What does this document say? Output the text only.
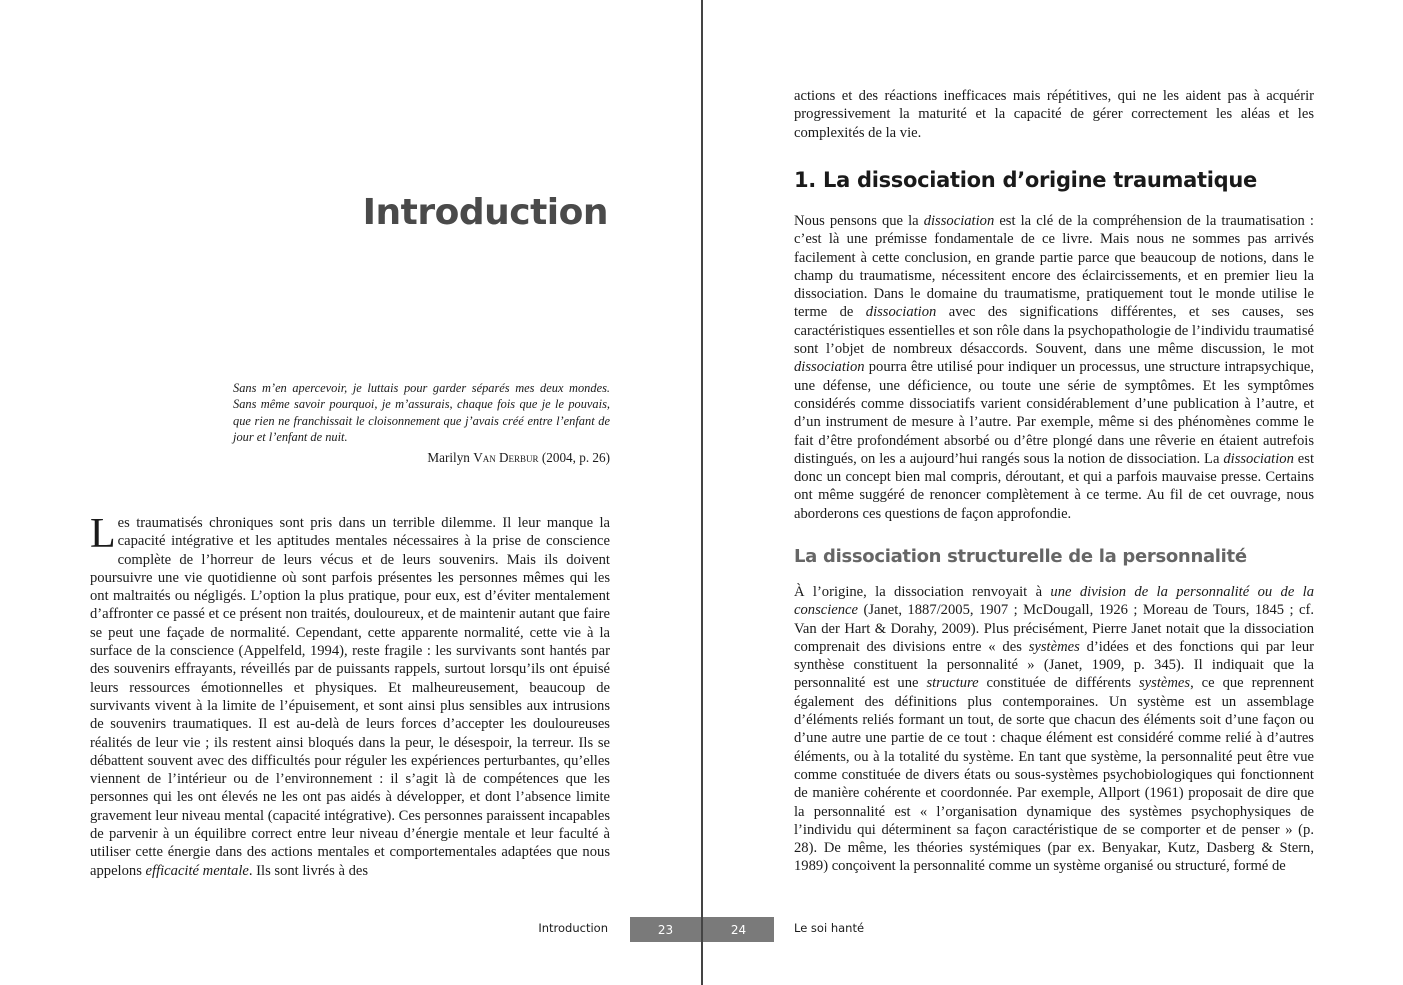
Introduction

Sans m’en apercevoir, je luttais pour garder séparés mes deux mondes. Sans même savoir pourquoi, je m’assurais, chaque fois que je le pouvais, que rien ne franchissait le cloisonnement que j’avais créé entre l’enfant de jour et l’enfant de nuit.

Marilyn Van Derbur (2004, p. 26)

Les traumatisés chroniques sont pris dans un terrible dilemme. Il leur manque la capacité intégrative et les aptitudes mentales nécessaires à la prise de conscience complète de l’horreur de leurs vécus et de leurs souvenirs. Mais ils doivent poursuivre une vie quotidienne où sont parfois présentes les personnes mêmes qui les ont maltraités ou négligés. L’option la plus pratique, pour eux, est d’éviter mentalement d’affronter ce passé et ce présent non traités, douloureux, et de maintenir autant que faire se peut une façade de normalité. Cependant, cette apparente normalité, cette vie à la surface de la conscience (Appelfeld, 1994), reste fragile : les survivants sont hantés par des souvenirs effrayants, réveillés par de puissants rappels, surtout lorsqu’ils ont épuisé leurs ressources émotionnelles et physiques. Et malheureusement, beaucoup de survivants vivent à la limite de l’épuisement, et sont ainsi plus sensibles aux intrusions de souvenirs traumatiques. Il est au-delà de leurs forces d’accepter les douloureuses réalités de leur vie ; ils restent ainsi bloqués dans la peur, le désespoir, la terreur. Ils se débattent souvent avec des difficultés pour réguler les expériences perturbantes, qu’elles viennent de l’intérieur ou de l’environnement : il s’agit là de compétences que les personnes qui les ont élevés ne les ont pas aidés à développer, et dont l’absence limite gravement leur niveau mental (capacité intégrative). Ces personnes paraissent incapables de parvenir à un équilibre correct entre leur niveau d’énergie mentale et leur faculté à utiliser cette énergie dans des actions mentales et comportementales adaptées que nous appelons efficacité mentale. Ils sont livrés à des

Introduction	23

actions et des réactions inefficaces mais répétitives, qui ne les aident pas à acquérir progressivement la maturité et la capacité de gérer correctement les aléas et les complexités de la vie.

1. La dissociation d’origine traumatique

Nous pensons que la dissociation est la clé de la compréhension de la traumatisation : c’est là une prémisse fondamentale de ce livre. Mais nous ne sommes pas arrivés facilement à cette conclusion, en grande partie parce que beaucoup de notions, dans le champ du traumatisme, nécessitent encore des éclaircissements, et en premier lieu la dissociation. Dans le domaine du traumatisme, pratiquement tout le monde utilise le terme de dissociation avec des significations différentes, et ses causes, ses caractéristiques essentielles et son rôle dans la psychopathologie de l’individu traumatisé sont l’objet de nombreux désaccords. Souvent, dans une même discussion, le mot dissociation pourra être utilisé pour indiquer un processus, une structure intrapsychique, une défense, une déficience, ou toute une série de symptômes. Et les symptômes considérés comme dissociatifs varient considérablement d’une publication à l’autre, et d’un instrument de mesure à l’autre. Par exemple, même si des phénomènes comme le fait d’être profondément absorbé ou d’être plongé dans une rêverie en étaient autrefois distingués, on les a aujourd’hui rangés sous la notion de dissociation. La dissociation est donc un concept bien mal compris, déroutant, et qui a parfois mauvaise presse. Certains ont même suggéré de renoncer complètement à ce terme. Au fil de cet ouvrage, nous aborderons ces questions de façon approfondie.

La dissociation structurelle de la personnalité

À l’origine, la dissociation renvoyait à une division de la personnalité ou de la conscience (Janet, 1887/2005, 1907 ; McDougall, 1926 ; Moreau de Tours, 1845 ; cf. Van der Hart & Dorahy, 2009). Plus précisément, Pierre Janet notait que la dissociation comprenait des divisions entre « des systèmes d’idées et des fonctions qui par leur synthèse constituent la personnalité » (Janet, 1909, p. 345). Il indiquait que la personnalité est une structure constituée de différents systèmes, ce que reprennent également des définitions plus contemporaines. Un système est un assemblage d’éléments reliés formant un tout, de sorte que chacun des éléments soit d’une façon ou d’une autre une partie de ce tout : chaque élément est considéré comme relié à d’autres éléments, ou à la totalité du système. En tant que système, la personnalité peut être vue comme constituée de divers états ou sous-systèmes psychobiologiques qui fonctionnent de manière cohérente et coordonnée. Par exemple, Allport (1961) proposait de dire que la personnalité est « l’organisation dynamique des systèmes psychophysiques de l’individu qui déterminent sa façon caractéristique de se comporter et de penser » (p. 28). De même, les théories systémiques (par ex. Benyakar, Kutz, Dasberg & Stern, 1989) conçoivent la personnalité comme un système organisé ou structuré, formé de

24	Le soi hanté
